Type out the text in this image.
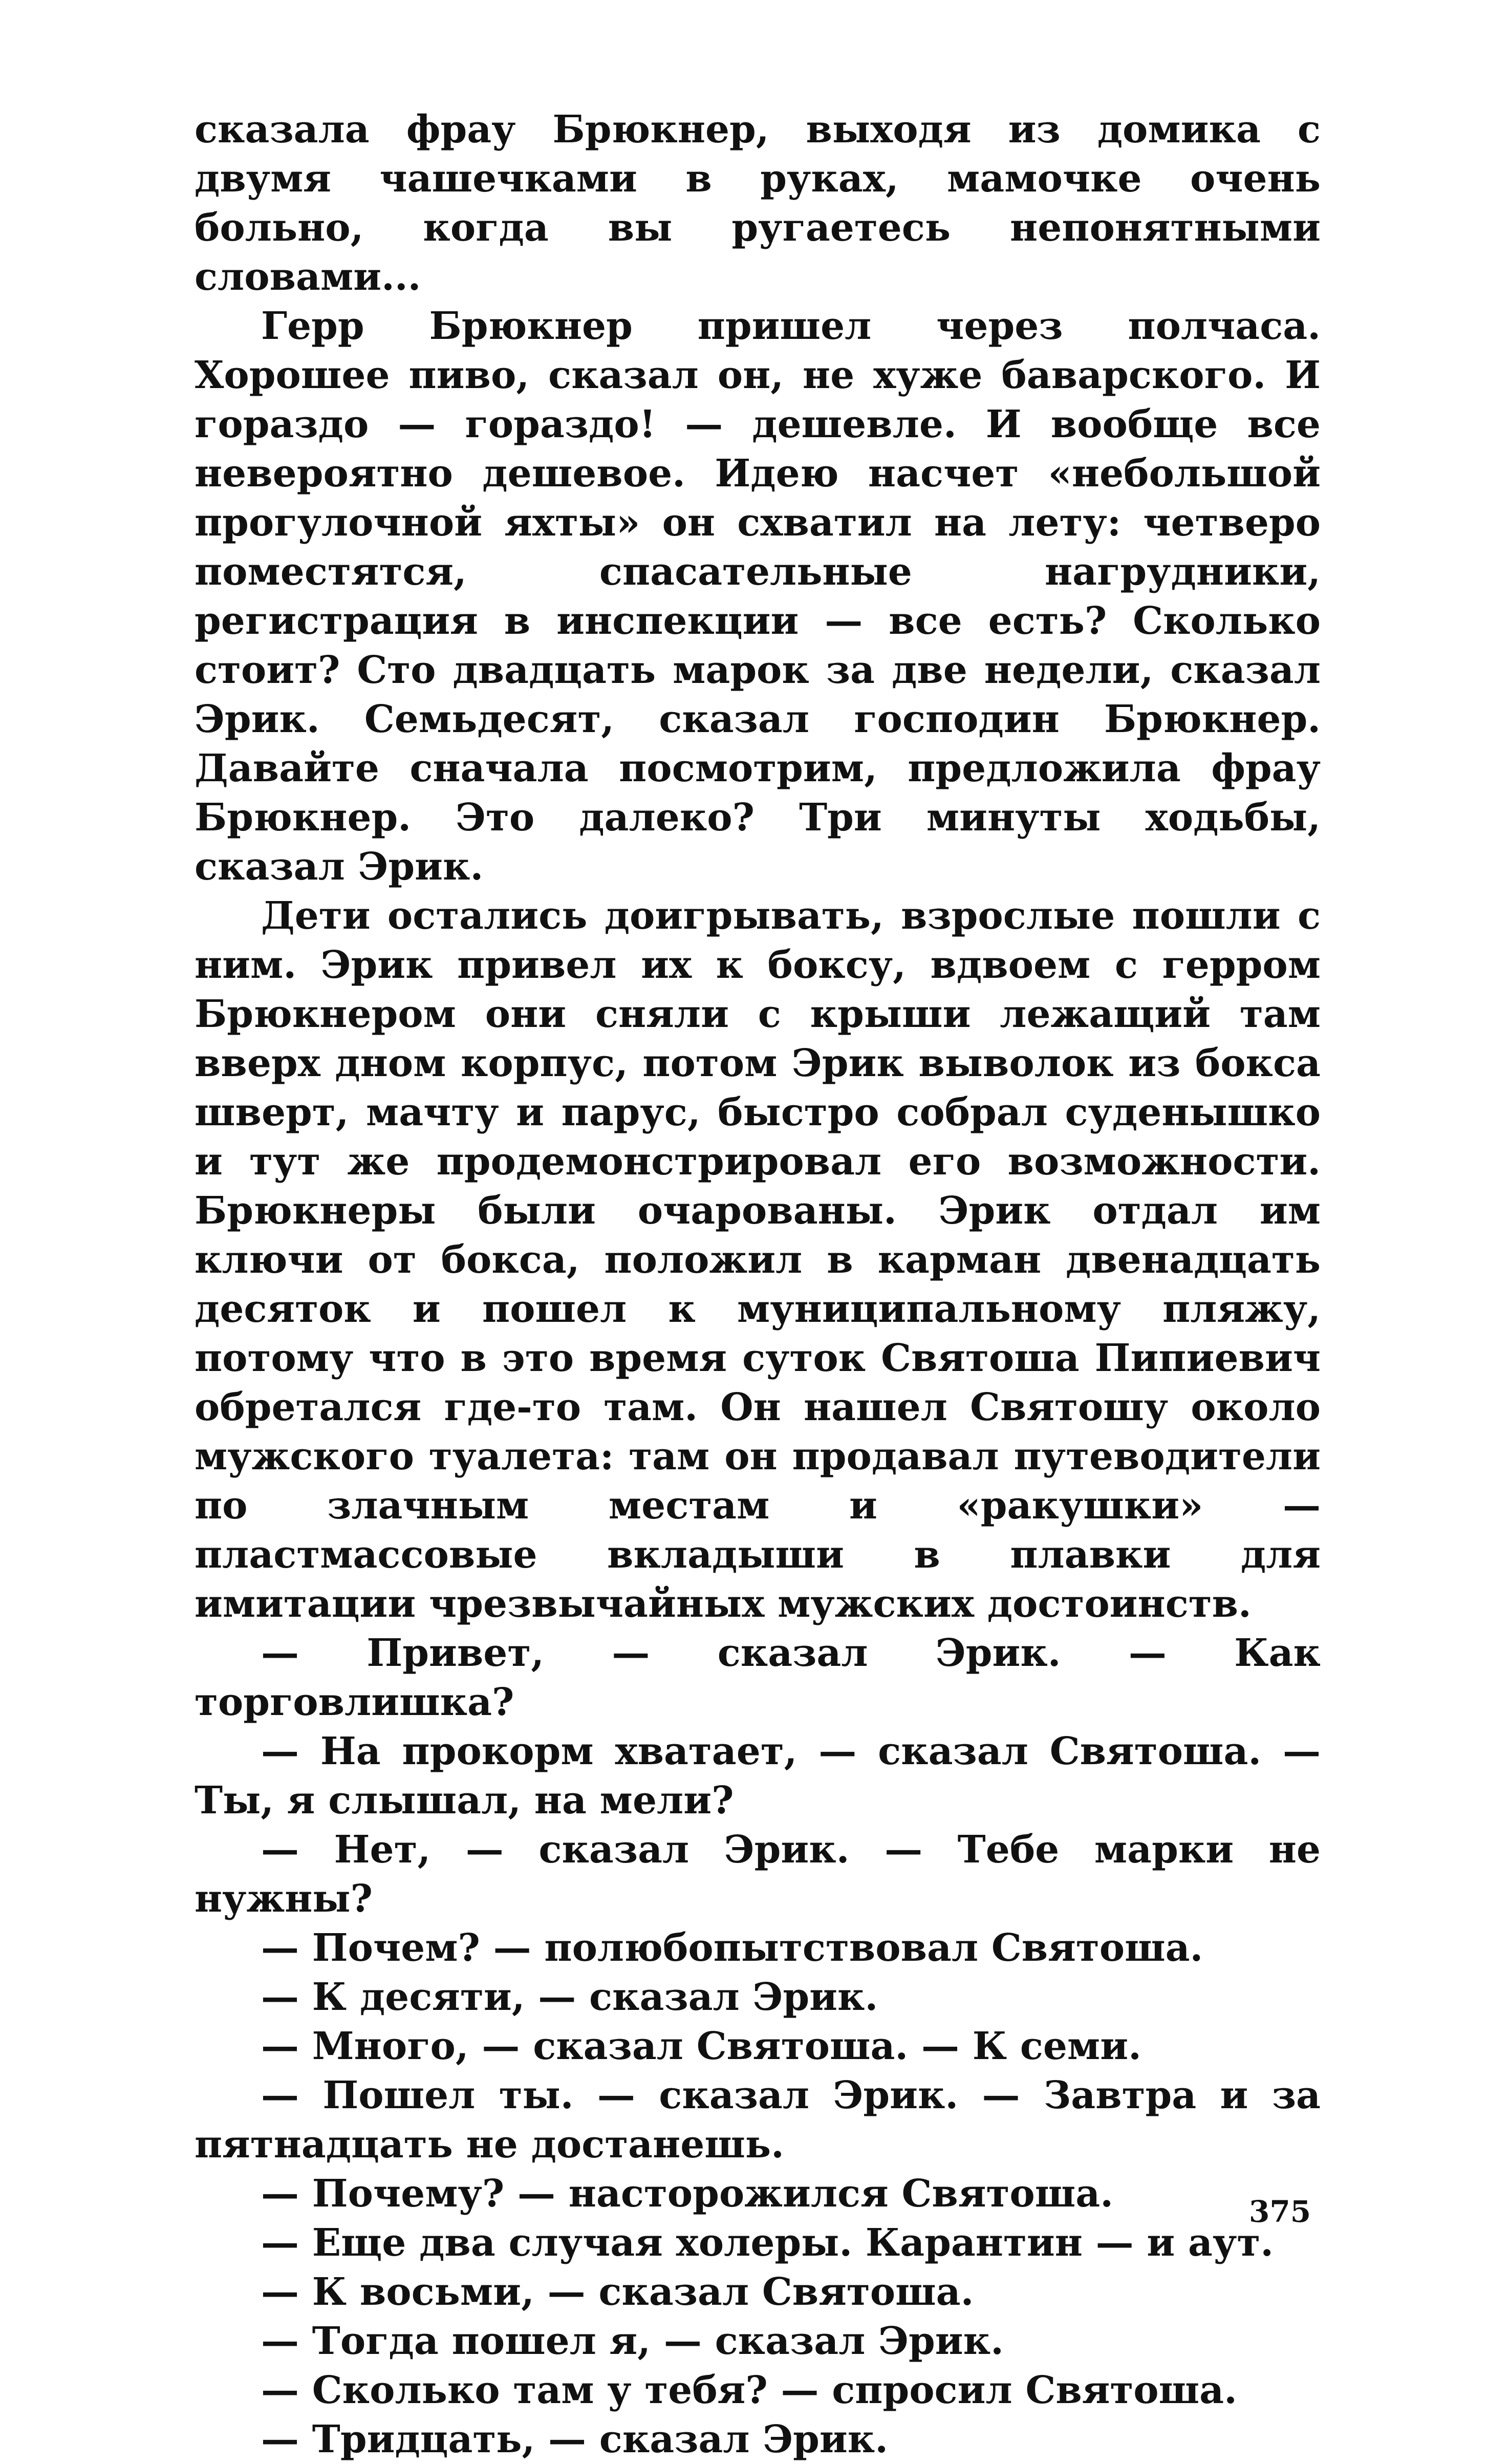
сказала фрау Брюкнер, выходя из домика с двумя чашечками в руках, мамочке очень больно, когда вы ругаетесь непонятными словами...

Герр Брюкнер пришел через полчаса. Хорошее пиво, сказал он, не хуже баварского. И гораздо — гораздо! — дешевле. И вообще все невероятно дешевое. Идею насчет «небольшой прогулочной яхты» он схватил на лету: четверо поместятся, спасательные нагрудники, регистрация в инспекции — все есть? Сколько стоит? Сто двадцать марок за две недели, сказал Эрик. Семьдесят, сказал господин Брюкнер. Давайте сначала посмотрим, предложила фрау Брюкнер. Это далеко? Три минуты ходьбы, сказал Эрик.

Дети остались доигрывать, взрослые пошли с ним. Эрик привел их к боксу, вдвоем с герром Брюкнером они сняли с крыши лежащий там вверх дном корпус, потом Эрик выволок из бокса шверт, мачту и парус, быстро собрал суденышко и тут же продемонстрировал его возможности. Брюкнеры были очарованы. Эрик отдал им ключи от бокса, положил в карман двенадцать десяток и пошел к муниципальному пляжу, потому что в это время суток Святоша Пипиевич обретался где-то там. Он нашел Святошу около мужского туалета: там он продавал путеводители по злачным местам и «ракушки» — пластмассовые вкладыши в плавки для имитации чрезвычайных мужских достоинств.

— Привет, — сказал Эрик. — Как торговлишка?

— На прокорм хватает, — сказал Святоша. — Ты, я слышал, на мели?

— Нет, — сказал Эрик. — Тебе марки не нужны?

— Почем? — полюбопытствовал Святоша.

— К десяти, — сказал Эрик.

— Много, — сказал Святоша. — К семи.

— Пошел ты. — сказал Эрик. — Завтра и за пятнадцать не достанешь.

— Почему? — насторожился Святоша.

— Еще два случая холеры. Карантин — и аут.

— К восьми, — сказал Святоша.

— Тогда пошел я, — сказал Эрик.

— Сколько там у тебя? — спросил Святоша.

— Тридцать, — сказал Эрик.

375
